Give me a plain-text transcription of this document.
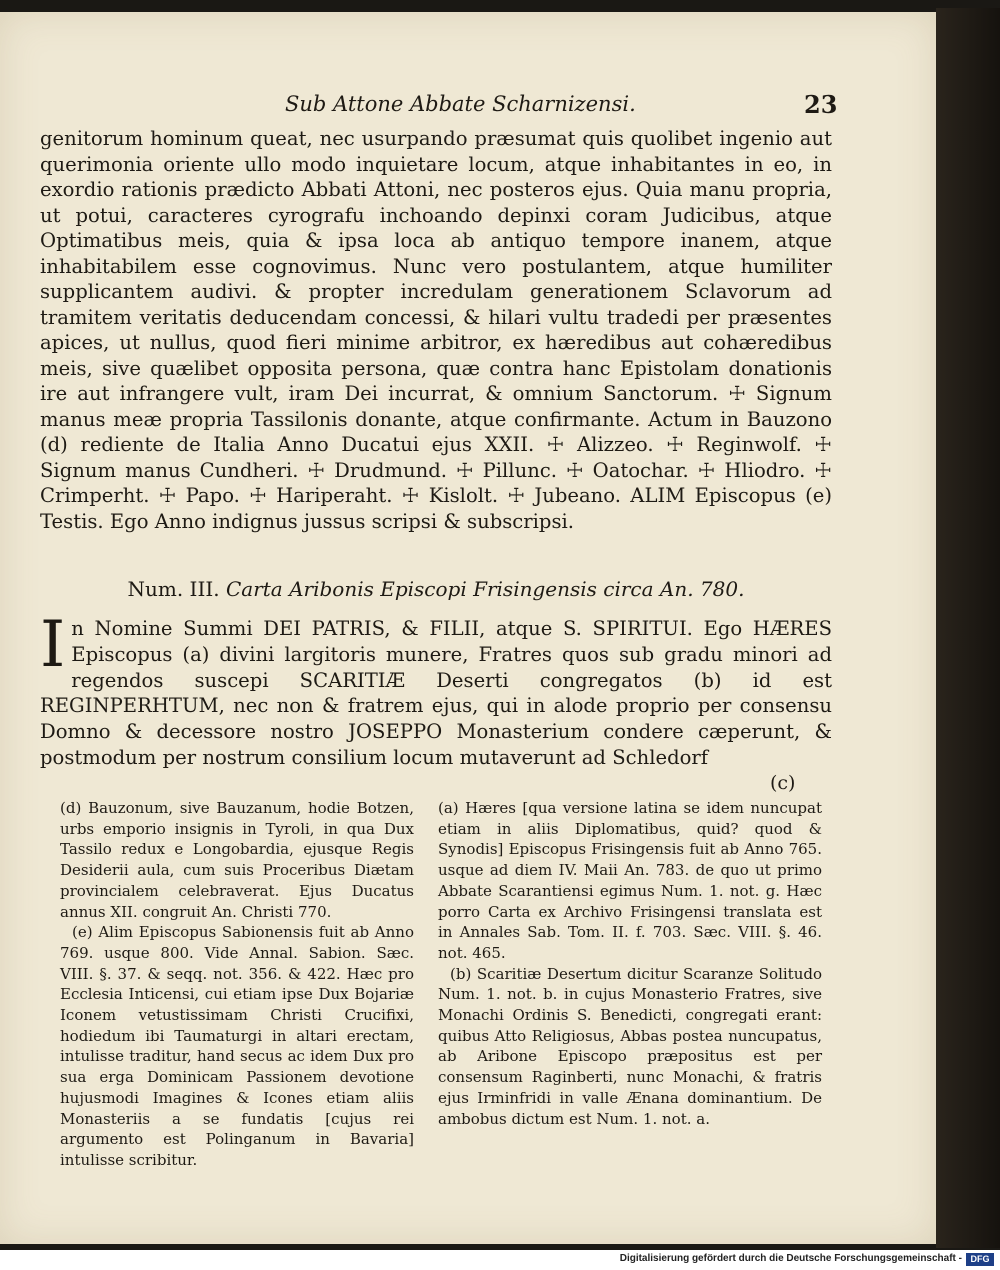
Sub Attone Abbate Scharnizensi.	23

genitorum hominum queat, nec usurpando præsumat quis quolibet ingenio aut querimonia oriente ullo modo inquietare locum, atque inhabitantes in eo, in exordio rationis prædicto Abbati Attoni, nec posteros ejus. Quia manu propria, ut potui, caracteres cyrografu inchoando depinxi coram Judicibus, atque Optimatibus meis, quia & ipsa loca ab antiquo tempore inanem, atque inhabitabilem esse cognovimus. Nunc vero postulantem, atque humiliter supplicantem audivi. & propter incredulam generationem Sclavorum ad tramitem veritatis deducendam concessi, & hilari vultu tradedi per præsentes apices, ut nullus, quod fieri minime arbitror, ex hæredibus aut cohæredibus meis, sive quælibet opposita persona, quæ contra hanc Epistolam donationis ire aut infrangere vult, iram Dei incurrat, & omnium Sanctorum. ☩ Signum manus meæ propria Tassilonis donante, atque confirmante. Actum in Bauzono (d) rediente de Italia Anno Ducatui ejus XXII. ☩ Alizzeo. ☩ Reginwolf. ☩ Signum manus Cundheri. ☩ Drudmund. ☩ Pillunc. ☩ Oatochar. ☩ Hliodro. ☩ Crimperht. ☩ Papo. ☩ Hariperaht. ☩ Kislolt. ☩ Jubeano. ALIM Episcopus (e) Testis. Ego Anno indignus jussus scripsi & subscripsi.

Num. III. Carta Aribonis Episcopi Frisingensis circa An. 780.
I n Nomine Summi DEI PATRIS, & FILII, atque S. SPIRITUI. Ego HÆRES Episcopus (a) divini largitoris munere, Fratres quos sub gradu minori ad regendos suscepi SCARITIÆ Deserti congregatos (b) id est REGINPERHTUM, nec non & fratrem ejus, qui in alode proprio per consensu Domno & decessore nostro JOSEPPO Monasterium condere cæperunt, & postmodum per nostrum consilium locum mutaverunt ad Schledorf
(c)

(d) Bauzonum, sive Bauzanum, hodie Botzen, urbs emporio insignis in Tyroli, in qua Dux Tassilo redux e Longobardia, ejusque Regis Desiderii aula, cum suis Proceribus Diætam provincialem celebraverat. Ejus Ducatus annus XII. congruit An. Christi 770.

(e) Alim Episcopus Sabionensis fuit ab Anno 769. usque 800. Vide Annal. Sabion. Sæc. VIII. §. 37. & seqq. not. 356. & 422. Hæc pro Ecclesia Inticensi, cui etiam ipse Dux Bojariæ Iconem vetustissimam Christi Crucifixi, hodiedum ibi Taumaturgi in altari erectam, intulisse traditur, hand secus ac idem Dux pro sua erga Dominicam Passionem devotione hujusmodi Imagines & Icones etiam aliis Monasteriis a se fundatis [cujus rei argumento est Polinganum in Bavaria] intulisse scribitur.

(a) Hæres [qua versione latina se idem nuncupat etiam in aliis Diplomatibus, quid? quod & Synodis] Episcopus Frisingensis fuit ab Anno 765. usque ad diem IV. Maii An. 783. de quo ut primo Abbate Scarantiensi egimus Num. 1. not. g. Hæc porro Carta ex Archivo Frisingensi translata est in Annales Sab. Tom. II. f. 703. Sæc. VIII. §. 46. not. 465.

(b) Scaritiæ Desertum dicitur Scaranze Solitudo Num. 1. not. b. in cujus Monasterio Fratres, sive Monachi Ordinis S. Benedicti, congregati erant: quibus Atto Religiosus, Abbas postea nuncupatus, ab Aribone Episcopo præpositus est per consensum Raginberti, nunc Monachi, & fratris ejus Irminfridi in valle Ænana dominantium. De ambobus dictum est Num. 1. not. a.

Digitalisierung gefördert durch die Deutsche Forschungsgemeinschaft - DFG
